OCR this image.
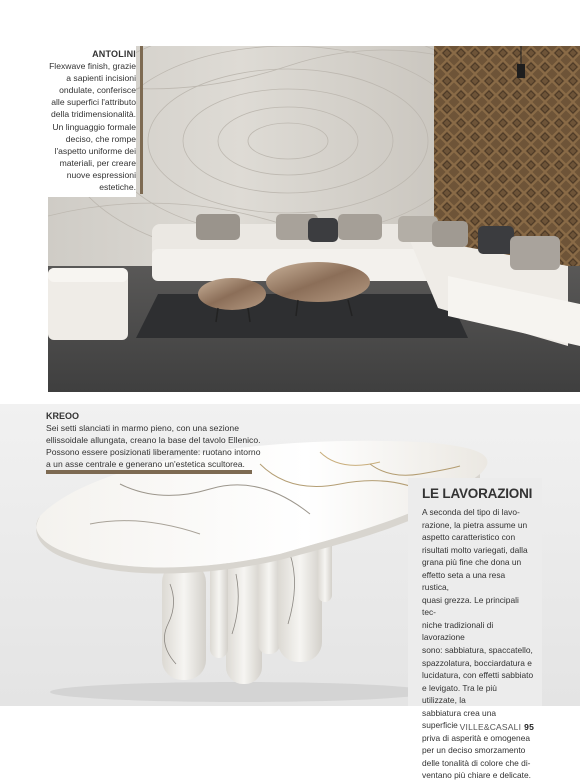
ANTOLINI
Flexwave finish, grazie
a sapienti incisioni
ondulate, conferisce
alle superfici l'attributo
della tridimensionalità.
Un linguaggio formale
deciso, che rompe
l'aspetto uniforme dei
materiali, per creare
nuove espressioni
estetiche.
KREOO
Sei setti slanciati in marmo pieno, con una sezione
ellissoidale allungata, creano la base del tavolo Ellenico.
Possono essere posizionati liberamente: ruotano intorno
a un asse centrale e generano un'estetica scultorea.
LE LAVORAZIONI
A seconda del tipo di lavo-
razione, la pietra assume un
aspetto caratteristico con
risultati molto variegati, dalla
grana più fine che dona un
effetto seta a una resa rustica,
quasi grezza. Le principali tec-
niche tradizionali di lavorazione
sono: sabbiatura, spaccatello,
spazzolatura, bocciardatura e
lucidatura, con effetti sabbiato
e levigato. Tra le più utilizzate, la
sabbiatura crea una superficie
priva di asperità e omogenea
per un deciso smorzamento
delle tonalità di colore che di-
ventano più chiare e delicate.
VILLE&CASALI 95
